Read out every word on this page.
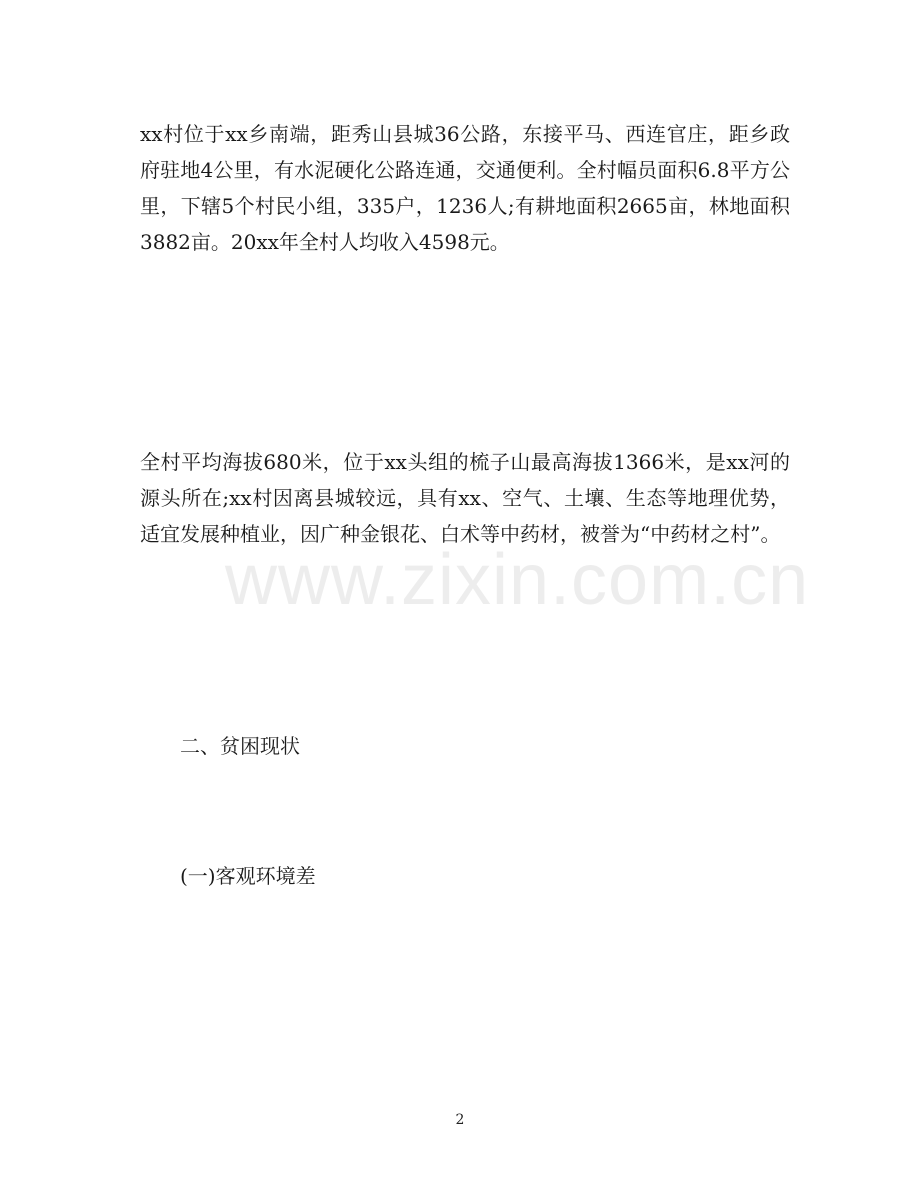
xx村位于xx乡南端，距秀山县城36公路，东接平马、西连官庄，距乡政府驻地4公里，有水泥硬化公路连通，交通便利。全村幅员面积6.8平方公里，下辖5个村民小组，335户，1236人;有耕地面积2665亩，林地面积3882亩。20xx年全村人均收入4598元。

全村平均海拔680米，位于xx头组的梳子山最高海拔1366米，是xx河的源头所在;xx村因离县城较远，具有xx、空气、土壤、生态等地理优势，适宜发展种植业，因广种金银花、白术等中药材，被誉为“中药材之村”。

www.zixin.com.cn
二、贫困现状
(一)客观环境差
2
